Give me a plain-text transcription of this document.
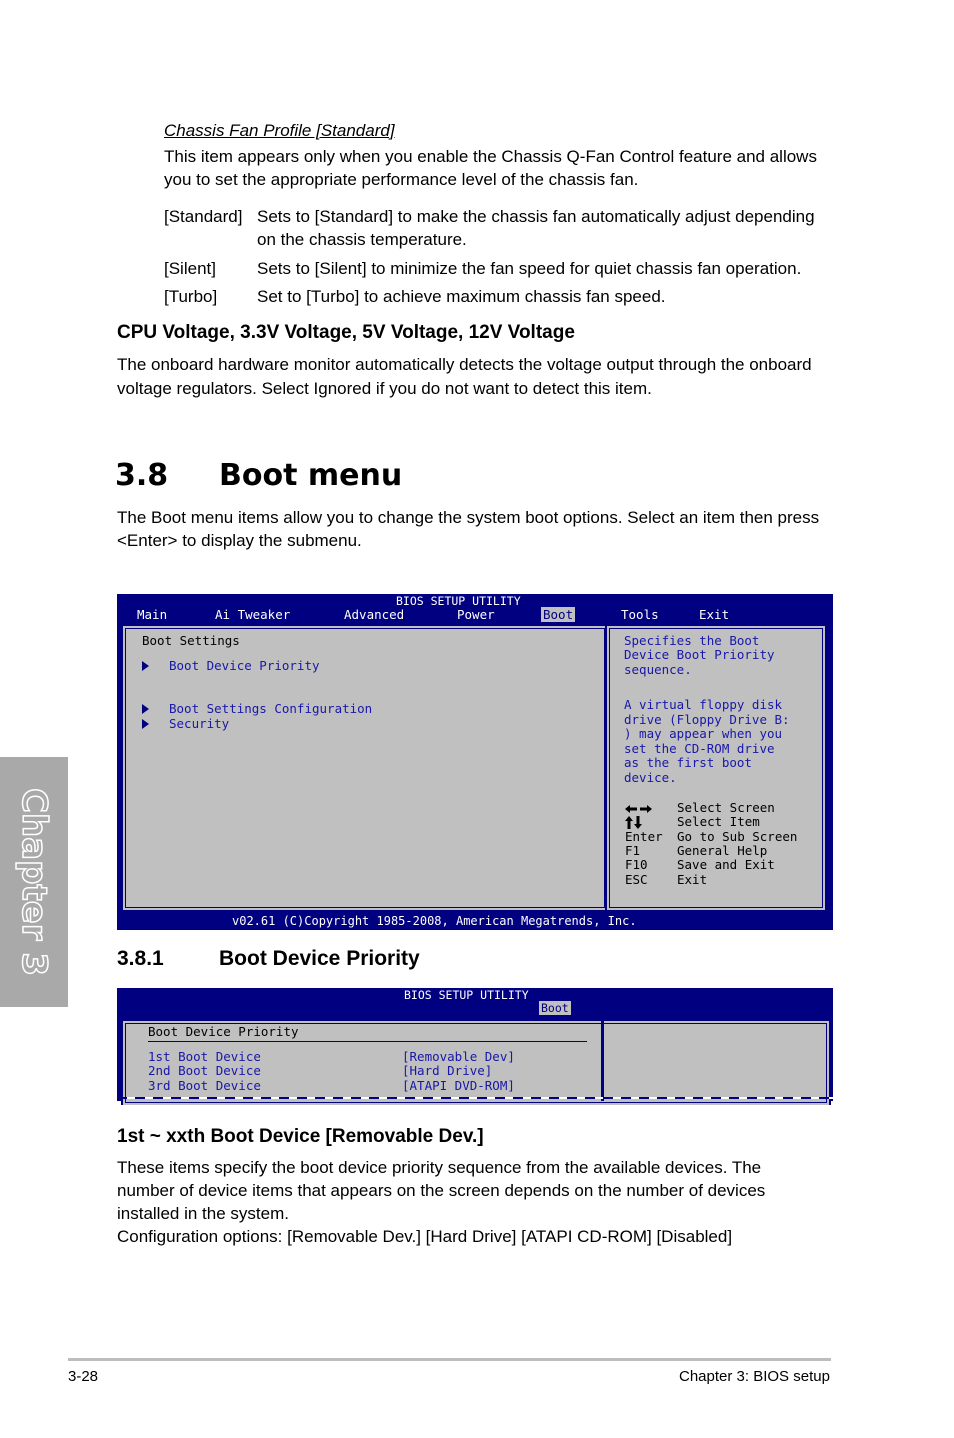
Chapter 3
Chassis Fan Profile [Standard]
This item appears only when you enable the Chassis Q-Fan Control feature and allows
you to set the appropriate performance level of the chassis fan.
[Standard] Sets to [Standard] to make the chassis fan automatically adjust depending
on the chassis temperature.
[Silent] Sets to [Silent] to minimize the fan speed for quiet chassis fan operation.
[Turbo] Set to [Turbo] to achieve maximum chassis fan speed.
CPU Voltage, 3.3V Voltage, 5V Voltage, 12V Voltage
The onboard hardware monitor automatically detects the voltage output through the onboard
voltage regulators. Select Ignored if you do not want to detect this item.
3.8 Boot menu
The Boot menu items allow you to change the system boot options. Select an item then press
<Enter> to display the submenu.
BIOS SETUP UTILITY
Main	Ai Tweaker	Advanced	Power	Boot	Tools	Exit
Boot Settings
Boot Device Priority
Boot Settings Configuration
Security
Specifies the Boot
Device Boot Priority
sequence.
A virtual floppy disk
drive (Floppy Drive B:
) may appear when you
set the CD-ROM drive
as the first boot
device.
Select Screen
Select Item
Enter Go to Sub Screen
F1	General Help
F10 Save and Exit
ESC Exit
v02.61 (C)Copyright 1985-2008, American Megatrends, Inc.
3.8.1	Boot Device Priority
BIOS SETUP UTILITY
Boot
Boot Device Priority
1st Boot Device	[Removable Dev]
2nd Boot Device	[Hard Drive]
3rd Boot Device	[ATAPI DVD-ROM]
1st ~ xxth Boot Device [Removable Dev.]
These items specify the boot device priority sequence from the available devices. The
number of device items that appears on the screen depends on the number of devices
installed in the system.
Configuration options: [Removable Dev.] [Hard Drive] [ATAPI CD-ROM] [Disabled]
3-28	Chapter 3: BIOS setup
